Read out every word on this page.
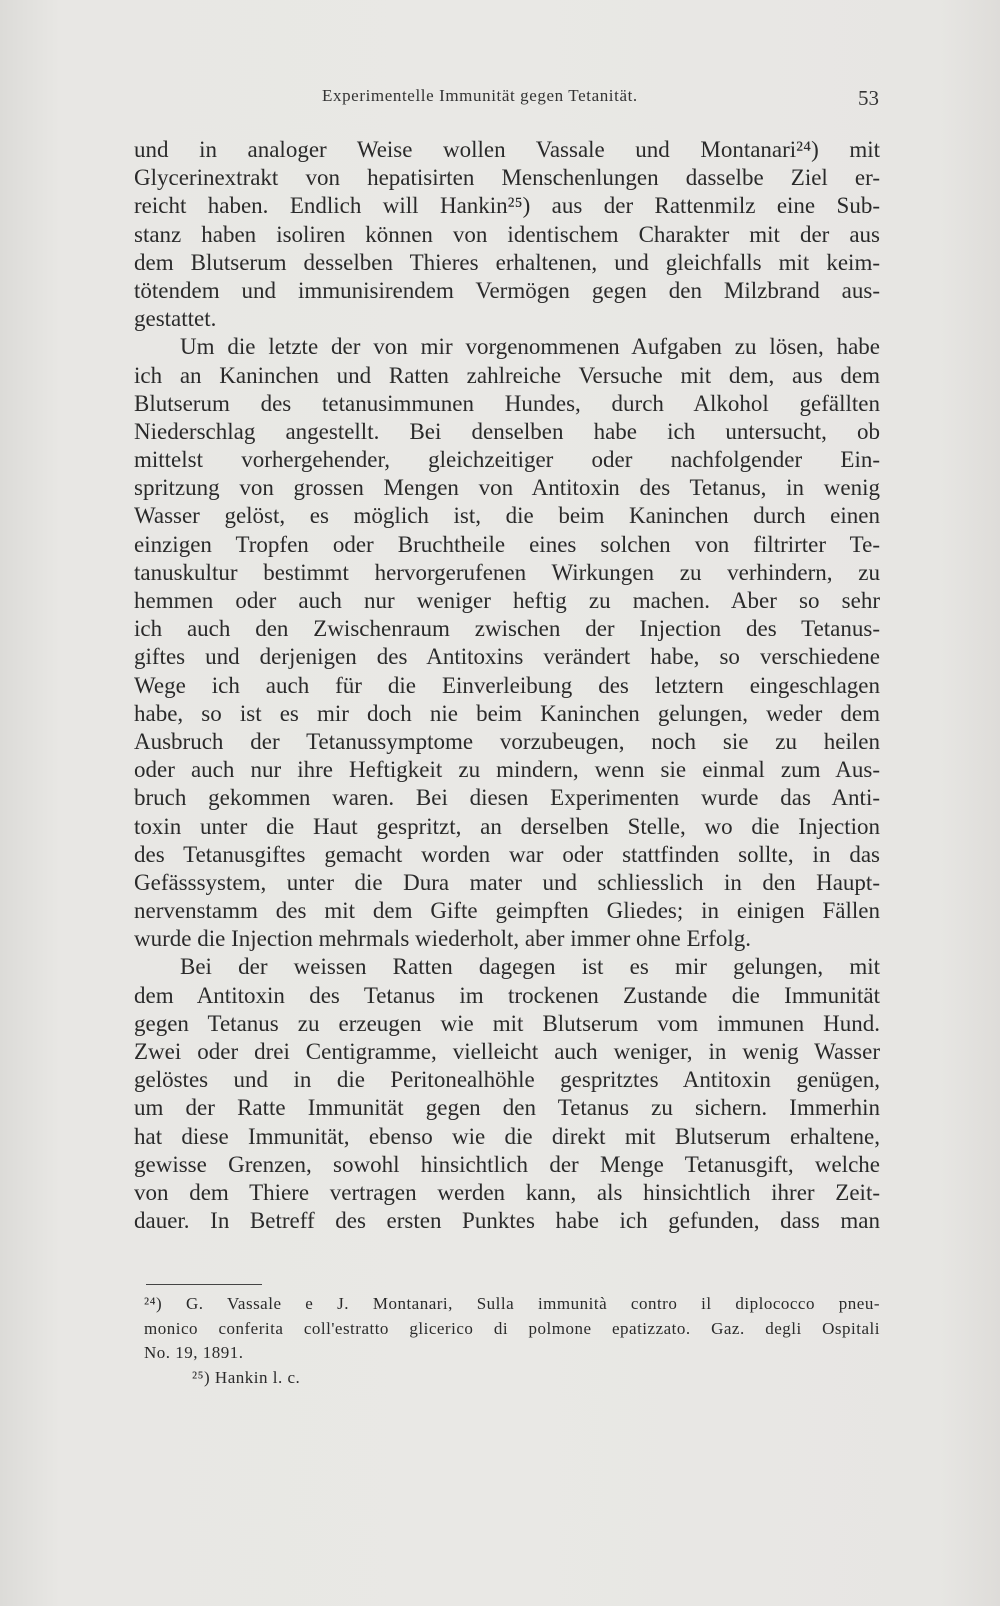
Experimentelle Immunität gegen Tetanität.	53
und in analoger Weise wollen Vassale und Montanari²⁴) mit
Glycerinextrakt von hepatisirten Menschenlungen dasselbe Ziel er-
reicht haben. Endlich will Hankin²⁵) aus der Rattenmilz eine Sub-
stanz haben isoliren können von identischem Charakter mit der aus
dem Blutserum desselben Thieres erhaltenen, und gleichfalls mit keim-
tötendem und immunisirendem Vermögen gegen den Milzbrand aus-
gestattet.
Um die letzte der von mir vorgenommenen Aufgaben zu lösen, habe
ich an Kaninchen und Ratten zahlreiche Versuche mit dem, aus dem
Blutserum des tetanusimmunen Hundes, durch Alkohol gefällten
Niederschlag angestellt. Bei denselben habe ich untersucht, ob
mittelst vorhergehender, gleichzeitiger oder nachfolgender Ein-
spritzung von grossen Mengen von Antitoxin des Tetanus, in wenig
Wasser gelöst, es möglich ist, die beim Kaninchen durch einen
einzigen Tropfen oder Bruchtheile eines solchen von filtrirter Te-
tanuskultur bestimmt hervorgerufenen Wirkungen zu verhindern, zu
hemmen oder auch nur weniger heftig zu machen. Aber so sehr
ich auch den Zwischenraum zwischen der Injection des Tetanus-
giftes und derjenigen des Antitoxins verändert habe, so verschiedene
Wege ich auch für die Einverleibung des letztern eingeschlagen
habe, so ist es mir doch nie beim Kaninchen gelungen, weder dem
Ausbruch der Tetanussymptome vorzubeugen, noch sie zu heilen
oder auch nur ihre Heftigkeit zu mindern, wenn sie einmal zum Aus-
bruch gekommen waren. Bei diesen Experimenten wurde das Anti-
toxin unter die Haut gespritzt, an derselben Stelle, wo die Injection
des Tetanusgiftes gemacht worden war oder stattfinden sollte, in das
Gefässsystem, unter die Dura mater und schliesslich in den Haupt-
nervenstamm des mit dem Gifte geimpften Gliedes; in einigen Fällen
wurde die Injection mehrmals wiederholt, aber immer ohne Erfolg.
Bei der weissen Ratten dagegen ist es mir gelungen, mit
dem Antitoxin des Tetanus im trockenen Zustande die Immunität
gegen Tetanus zu erzeugen wie mit Blutserum vom immunen Hund.
Zwei oder drei Centigramme, vielleicht auch weniger, in wenig Wasser
gelöstes und in die Peritonealhöhle gespritztes Antitoxin genügen,
um der Ratte Immunität gegen den Tetanus zu sichern. Immerhin
hat diese Immunität, ebenso wie die direkt mit Blutserum erhaltene,
gewisse Grenzen, sowohl hinsichtlich der Menge Tetanusgift, welche
von dem Thiere vertragen werden kann, als hinsichtlich ihrer Zeit-
dauer. In Betreff des ersten Punktes habe ich gefunden, dass man
²⁴) G. Vassale e J. Montanari, Sulla immunità contro il diplococco pneu-
monico conferita coll'estratto glicerico di polmone epatizzato. Gaz. degli Ospitali
No. 19, 1891.
²⁵) Hankin l. c.
